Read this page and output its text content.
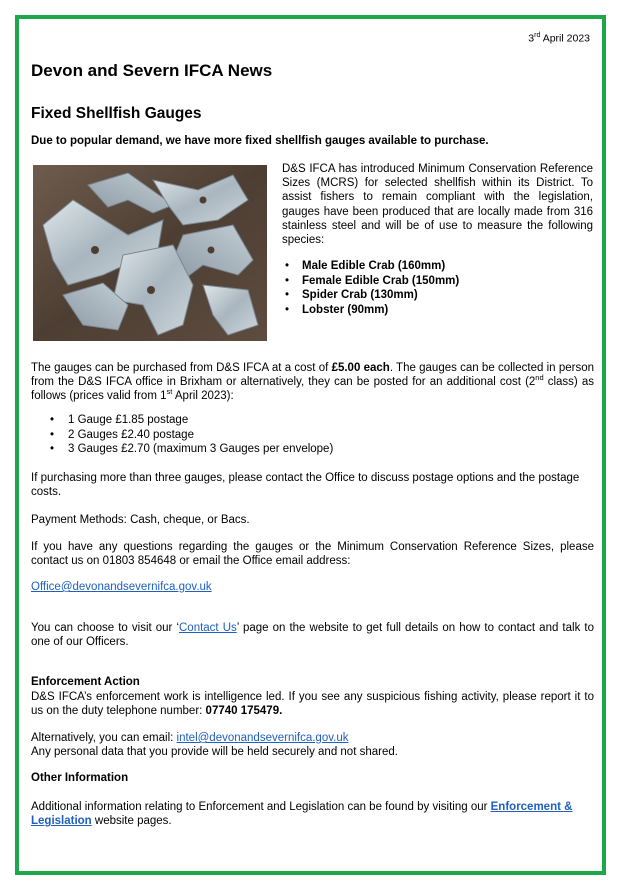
3rd April 2023
Devon and Severn IFCA News
Fixed Shellfish Gauges

Due to popular demand, we have more fixed shellfish gauges available to purchase.

D&S IFCA has introduced Minimum Conservation Reference Sizes (MCRS) for selected shellfish within its District. To assist fishers to remain compliant with the legislation, gauges have been produced that are locally made from 316 stainless steel and will be of use to measure the following species:

• Male Edible Crab (160mm)
• Female Edible Crab (150mm)
• Spider Crab (130mm)
• Lobster (90mm)

The gauges can be purchased from D&S IFCA at a cost of £5.00 each. The gauges can be collected in person from the D&S IFCA office in Brixham or alternatively, they can be posted for an additional cost (2nd class) as follows (prices valid from 1st April 2023):

• 1 Gauge £1.85 postage
• 2 Gauges £2.40 postage
• 3 Gauges £2.70 (maximum 3 Gauges per envelope)

If purchasing more than three gauges, please contact the Office to discuss postage options and the postage costs.

Payment Methods: Cash, cheque, or Bacs.

If you have any questions regarding the gauges or the Minimum Conservation Reference Sizes, please contact us on 01803 854648 or email the Office email address:

Office@devonandsevernifca.gov.uk

You can choose to visit our ‘Contact Us’ page on the website to get full details on how to contact and talk to one of our Officers.

Enforcement Action

D&S IFCA’s enforcement work is intelligence led. If you see any suspicious fishing activity, please report it to us on the duty telephone number: 07740 175479.

Alternatively, you can email: intel@devonandsevernifca.gov.uk

Any personal data that you provide will be held securely and not shared.

Other Information

Additional information relating to Enforcement and Legislation can be found by visiting our Enforcement & Legislation website pages.
